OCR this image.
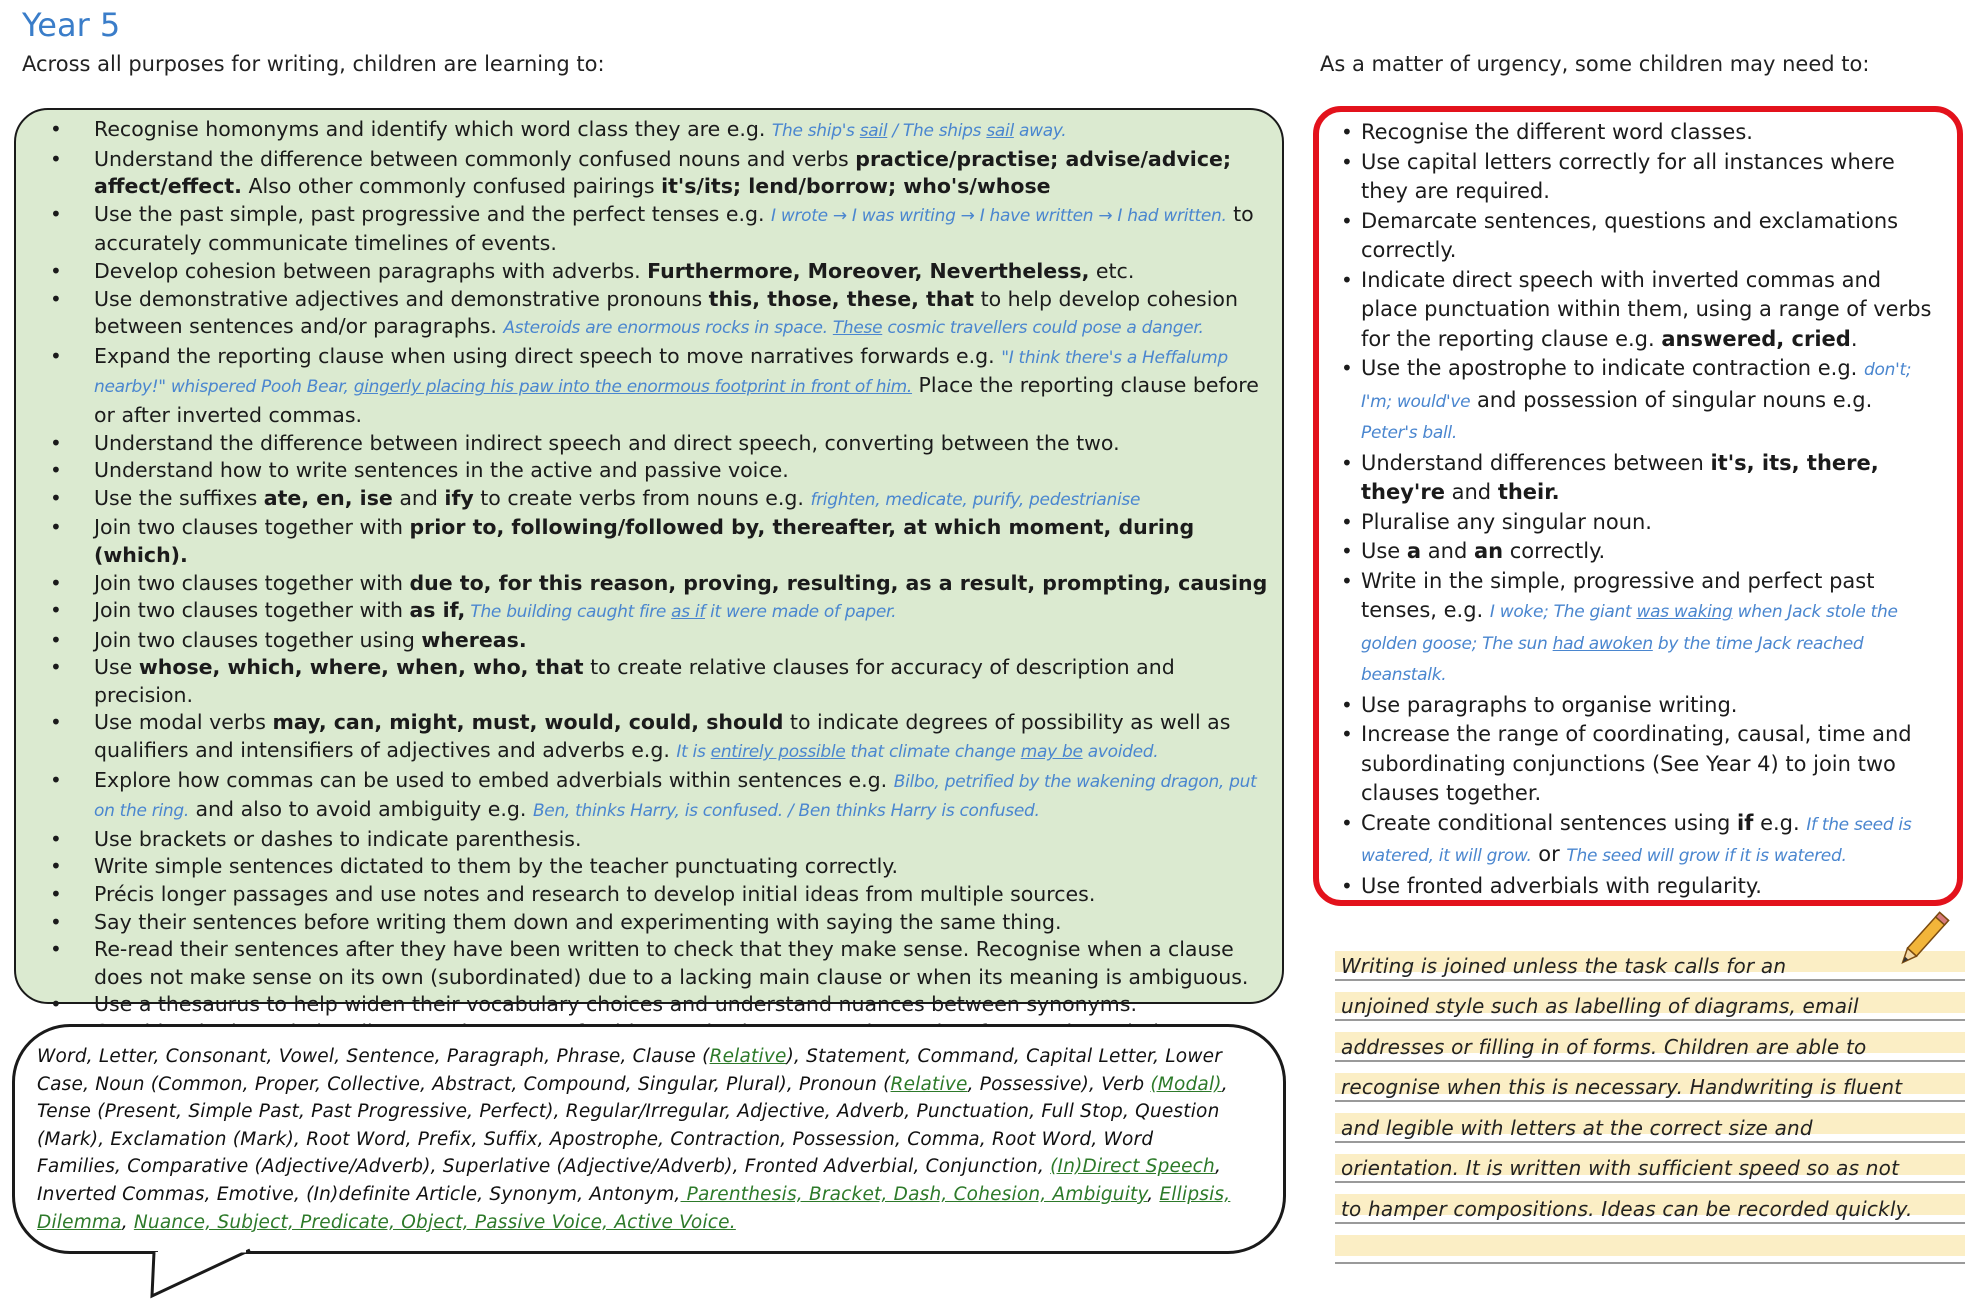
Year 5
Across all purposes for writing, children are learning to:	As a matter of urgency, some children may need to:
• Recognise homonyms and identify which word class they are e.g. The ship's sail / The ships sail away.
• Understand the difference between commonly confused nouns and verbs practice/practise; advise/advice; affect/effect. Also other commonly confused pairings it's/its; lend/borrow; who's/whose
• Use the past simple, past progressive and the perfect tenses e.g. I wrote → I was writing → I have written → I had written. to accurately communicate timelines of events.
• Develop cohesion between paragraphs with adverbs. Furthermore, Moreover, Nevertheless, etc.
• Use demonstrative adjectives and demonstrative pronouns this, those, these, that to help develop cohesion between sentences and/or paragraphs. Asteroids are enormous rocks in space. These cosmic travellers could pose a danger.
• Expand the reporting clause when using direct speech to move narratives forwards e.g. "I think there's a Heffalump nearby!" whispered Pooh Bear, gingerly placing his paw into the enormous footprint in front of him. Place the reporting clause before or after inverted commas.
• Understand the difference between indirect speech and direct speech, converting between the two.
• Understand how to write sentences in the active and passive voice.
• Use the suffixes ate, en, ise and ify to create verbs from nouns e.g. frighten, medicate, purify, pedestrianise
• Join two clauses together with prior to, following/followed by, thereafter, at which moment, during (which).
• Join two clauses together with due to, for this reason, proving, resulting, as a result, prompting, causing
• Join two clauses together with as if, The building caught fire as if it were made of paper.
• Join two clauses together using whereas.
• Use whose, which, where, when, who, that to create relative clauses for accuracy of description and precision.
• Use modal verbs may, can, might, must, would, could, should to indicate degrees of possibility as well as qualifiers and intensifiers of adjectives and adverbs e.g. It is entirely possible that climate change may be avoided.
• Explore how commas can be used to embed adverbials within sentences e.g. Bilbo, petrified by the wakening dragon, put on the ring. and also to avoid ambiguity e.g. Ben, thinks Harry, is confused. / Ben thinks Harry is confused.
• Use brackets or dashes to indicate parenthesis.
• Write simple sentences dictated to them by the teacher punctuating correctly.
• Précis longer passages and use notes and research to develop initial ideas from multiple sources.
• Say their sentences before writing them down and experimenting with saying the same thing.
• Re-read their sentences after they have been written to check that they make sense. Recognise when a clause does not make sense on its own (subordinated) due to a lacking main clause or when its meaning is ambiguous.
• Use a thesaurus to help widen their vocabulary choices and understand nuances between synonyms.
•
• Recognise the different word classes.
• Use capital letters correctly for all instances where they are required.
• Demarcate sentences, questions and exclamations correctly.
• Indicate direct speech with inverted commas and place punctuation within them, using a range of verbs for the reporting clause e.g. answered, cried.
• Use the apostrophe to indicate contraction e.g. don't; I'm; would've and possession of singular nouns e.g. Peter's ball.
• Understand differences between it's, its, there, they're and their.
• Pluralise any singular noun.
• Use a and an correctly.
• Write in the simple, progressive and perfect past tenses, e.g. I woke; The giant was waking when Jack stole the golden goose; The sun had awoken by the time Jack reached beanstalk.
• Use paragraphs to organise writing.
• Increase the range of coordinating, causal, time and subordinating conjunctions (See Year 4) to join two clauses together.
• Create conditional sentences using if e.g. If the seed is watered, it will grow. or The seed will grow if it is watered.
• Use fronted adverbials with regularity.
Word, Letter, Consonant, Vowel, Sentence, Paragraph, Phrase, Clause (Relative), Statement, Command, Capital Letter, Lower Case, Noun (Common, Proper, Collective, Abstract, Compound, Singular, Plural), Pronoun (Relative, Possessive), Verb (Modal), Tense (Present, Simple Past, Past Progressive, Perfect), Regular/Irregular, Adjective, Adverb, Punctuation, Full Stop, Question (Mark), Exclamation (Mark), Root Word, Prefix, Suffix, Apostrophe, Contraction, Possession, Comma, Root Word, Word Families, Comparative (Adjective/Adverb), Superlative (Adjective/Adverb), Fronted Adverbial, Conjunction, (In)Direct Speech, Inverted Commas, Emotive, (In)definite Article, Synonym, Antonym, Parenthesis, Bracket, Dash, Cohesion, Ambiguity, Ellipsis, Dilemma, Nuance, Subject, Predicate, Object, Passive Voice, Active Voice.
Writing is joined unless the task calls for an
unjoined style such as labelling of diagrams, email
addresses or filling in of forms. Children are able to
recognise when this is necessary. Handwriting is fluent
and legible with letters at the correct size and
orientation. It is written with sufficient speed so as not
to hamper compositions. Ideas can be recorded quickly.
